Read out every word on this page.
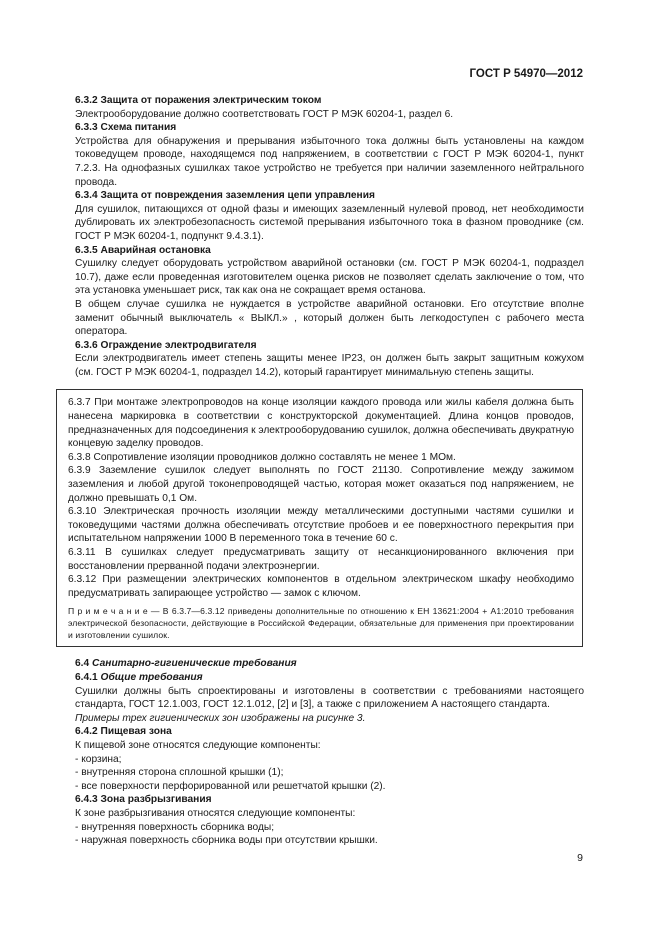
ГОСТ Р 54970—2012

6.3.2 Защита от поражения электрическим током

Электрооборудование должно соответствовать ГОСТ Р МЭК 60204-1, раздел 6.

6.3.3 Схема питания

Устройства для обнаружения и прерывания избыточного тока должны быть установлены на каждом токоведущем проводе, находящемся под напряжением, в соответствии с ГОСТ Р МЭК 60204-1, пункт 7.2.3. На однофазных сушилках такое устройство не требуется при наличии заземленного нейтрального провода.

6.3.4 Защита от повреждения заземления цепи управления

Для сушилок, питающихся от одной фазы и имеющих заземленный нулевой провод, нет необходимости дублировать их электробезопасность системой прерывания избыточного тока в фазном проводнике (см. ГОСТ Р МЭК 60204-1, подпункт 9.4.3.1).

6.3.5 Аварийная остановка

Сушилку следует оборудовать устройством аварийной остановки (см. ГОСТ Р МЭК 60204-1, подраздел 10.7), даже если проведенная изготовителем оценка рисков не позволяет сделать заключение о том, что эта установка уменьшает риск, так как она не сокращает время останова.

В общем случае сушилка не нуждается в устройстве аварийной остановки. Его отсутствие вполне заменит обычный выключатель « ВЫКЛ.» , который должен быть легкодоступен с рабочего места оператора.

6.3.6 Ограждение электродвигателя

Если электродвигатель имеет степень защиты менее IP23, он должен быть закрыт защитным кожухом (см. ГОСТ Р МЭК 60204-1, подраздел 14.2), который гарантирует минимальную степень защиты.

6.3.7 При монтаже электропроводов на конце изоляции каждого провода или жилы кабеля должна быть нанесена маркировка в соответствии с конструкторской документацией. Длина концов проводов, предназначенных для подсоединения к электрооборудованию сушилок, должна обеспечивать двукратную концевую заделку проводов.

6.3.8 Сопротивление изоляции проводников должно составлять не менее 1 МОм.

6.3.9 Заземление сушилок следует выполнять по ГОСТ 21130. Сопротивление между зажимом заземления и любой другой токонепроводящей частью, которая может оказаться под напряжением, не должно превышать 0,1 Ом.

6.3.10 Электрическая прочность изоляции между металлическими доступными частями сушилки и токоведущими частями должна обеспечивать отсутствие пробоев и ее поверхностного перекрытия при испытательном напряжении 1000 В переменного тока в течение 60 с.

6.3.11 В сушилках следует предусматривать защиту от несанкционированного включения при восстановлении прерванной подачи электроэнергии.

6.3.12 При размещении электрических компонентов в отдельном электрическом шкафу необходимо предусматривать запирающее устройство — замок с ключом.

П р и м е ч а н и е — В 6.3.7—6.3.12 приведены дополнительные по отношению к ЕН 13621:2004 + А1:2010 требования электрической безопасности, действующие в Российской Федерации, обязательные для применения при проектировании и изготовлении сушилок.

6.4 Санитарно-гигиенические требования

6.4.1 Общие требования

Сушилки должны быть спроектированы и изготовлены в соответствии с требованиями настоящего стандарта, ГОСТ 12.1.003, ГОСТ 12.1.012, [2] и [3], а также с приложением А настоящего стандарта.

Примеры трех гигиенических зон изображены на рисунке 3.

6.4.2 Пищевая зона

К пищевой зоне относятся следующие компоненты:

- корзина;

- внутренняя сторона сплошной крышки (1);

- все поверхности перфорированной или решетчатой крышки (2).

6.4.3 Зона разбрызгивания

К зоне разбрызгивания относятся следующие компоненты:

- внутренняя поверхность сборника воды;

- наружная поверхность сборника воды при отсутствии крышки.

9
